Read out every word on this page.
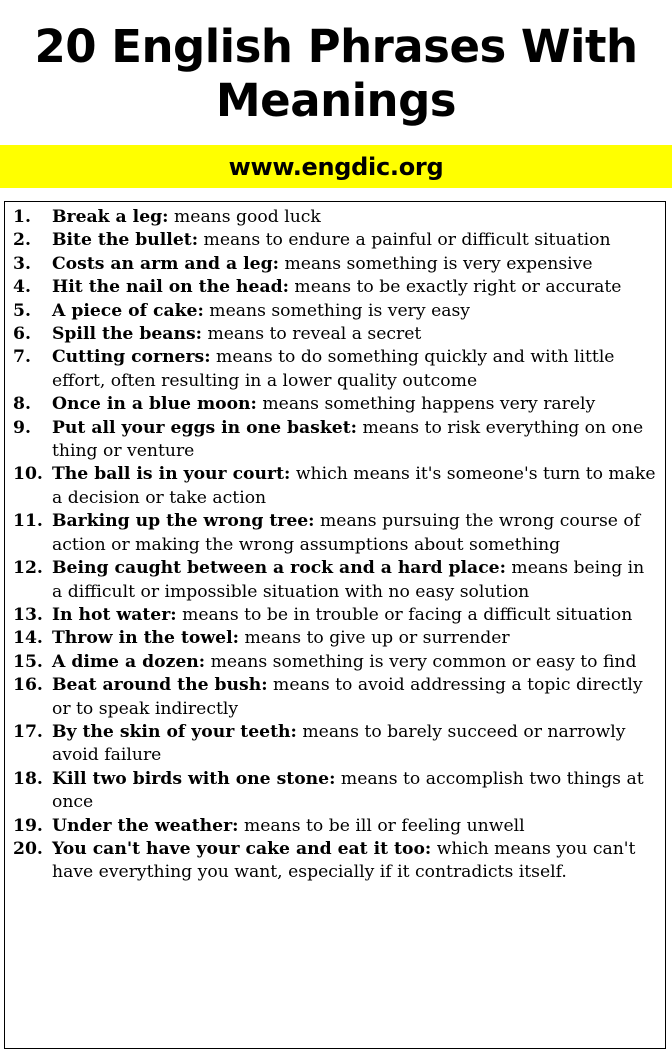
20 English Phrases With
Meanings
www.engdic.org
1. Break a leg: means good luck
2. Bite the bullet: means to endure a painful or difficult situation
3. Costs an arm and a leg: means something is very expensive
4. Hit the nail on the head: means to be exactly right or accurate
5. A piece of cake: means something is very easy
6. Spill the beans: means to reveal a secret
7. Cutting corners: means to do something quickly and with little effort, often resulting in a lower quality outcome
8. Once in a blue moon: means something happens very rarely
9. Put all your eggs in one basket: means to risk everything on one thing or venture
10. The ball is in your court: which means it's someone's turn to make a decision or take action
11. Barking up the wrong tree: means pursuing the wrong course of action or making the wrong assumptions about something
12. Being caught between a rock and a hard place: means being in a difficult or impossible situation with no easy solution
13. In hot water: means to be in trouble or facing a difficult situation
14. Throw in the towel: means to give up or surrender
15. A dime a dozen: means something is very common or easy to find
16. Beat around the bush: means to avoid addressing a topic directly or to speak indirectly
17. By the skin of your teeth: means to barely succeed or narrowly avoid failure
18. Kill two birds with one stone: means to accomplish two things at once
19. Under the weather: means to be ill or feeling unwell
20. You can't have your cake and eat it too: which means you can't have everything you want, especially if it contradicts itself.
